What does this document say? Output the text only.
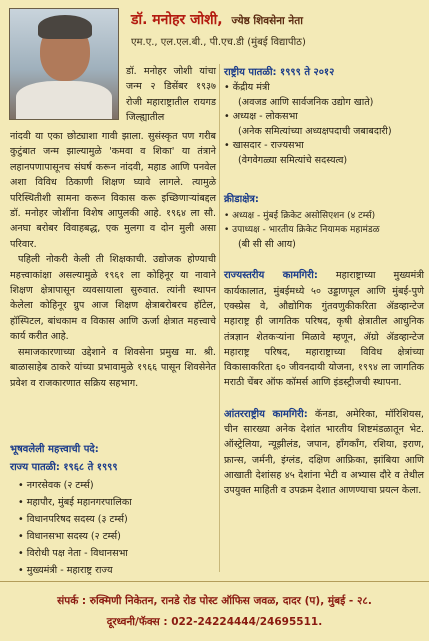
डॉ. मनोहर जोशी, ज्येष्ठ शिवसेना नेता
एम.ए., एल.एल.बी., पी.एच.डी (मुंबई विद्यापीठ)
डॉ. मनोहर जोशी यांचा जन्म २ डिसेंबर १९३७ रोजी महाराष्ट्रातील रायगड जिल्ह्यातील

नांदवी या एका छोट्याशा गावी झाला. सुसंस्कृत पण गरीब कुटुंबात जन्म झाल्यामुळे 'कमवा व शिका' या तंत्राने लहानपणापासूनच संघर्ष करून नांदवी, महाड आणि पनवेल अशा विविध ठिकाणी शिक्षण घ्यावे लागले. त्यामुळे परिस्थितीशी सामना करून विकास करू इच्छिणाऱ्यांबद्दल डॉ. मनोहर जोशींना विशेष आपुलकी आहे. १९६४ ला सौ. अनघा बरोबर विवाहबद्ध, एक मुलगा व दोन मुली असा परिवार.

पहिली नोकरी केली ती शिक्षकाची. उद्योजक होण्याची महत्त्वाकांक्षा असल्यामुळे १९६१ ला कोहिनूर या नावाने शिक्षण क्षेत्रापासून व्यवसायाला सुरुवात. त्यांनी स्थापन केलेला कोहिनूर ग्रुप आज शिक्षण क्षेत्राबरोबरच हॉटेल, हॉस्पिटल, बांधकाम व विकास आणि ऊर्जा क्षेत्रात महत्त्वाचे कार्य करीत आहे.

समाजकारणाच्या उद्देशाने व शिवसेना प्रमुख मा. श्री. बाळासाहेब ठाकरे यांच्या प्रभावामुळे १९६६ पासून शिवसेनेत प्रवेश व राजकारणात सक्रिय सहभाग.

भूषवलेली महत्त्वाची पदे:
राज्य पातळी: १९६८ ते १९९९
• नगरसेवक (२ टर्म्स)
• महापौर, मुंबई महानगरपालिका
• विधानपरिषद सदस्य (३ टर्म्स)
• विधानसभा सदस्य (२ टर्म्स)
• विरोधी पक्ष नेता - विधानसभा
• मुख्यमंत्री - महाराष्ट्र राज्य
राष्ट्रीय पातळी: १९९९ ते २०१२
• केंद्रीय मंत्री
(अवजड आणि सार्वजनिक उद्योग खाते)
• अध्यक्ष - लोकसभा
(अनेक समित्यांच्या अध्यक्षपदाची जबाबदारी)
• खासदार - राज्यसभा
(वेगवेगळ्या समित्यांचे सदस्यत्व)
क्रीडाक्षेत्र:
• अध्यक्ष - मुंबई क्रिकेट असोसिएशन (४ टर्म्स)
• उपाध्यक्ष - भारतीय क्रिकेट नियामक महामंडळ
(बी सी सी आय)
राज्यस्तरीय कामगिरी: महाराष्ट्राच्या मुख्यमंत्री कार्यकालात, मुंबईमध्ये ५० उड्डाणपूल आणि मुंबई-पुणे एक्स्प्रेस वे, औद्योगिक गुंतवणुकीकरिता ॲडव्हान्टेज महाराष्ट्र ही जागतिक परिषद, कृषी क्षेत्रातील आधुनिक तंत्रज्ञान शेतकऱ्यांना मिळावे म्हणून, ॲग्रो ॲडव्हान्टेज महाराष्ट्र परिषद, महाराष्ट्राच्या विविध क्षेत्रांच्या विकासाकरिता ६० जीवनदायी योजना, १९९४ ला जागतिक मराठी चेंबर ऑफ कॉमर्स आणि इंडस्ट्रीजची स्थापना.
आंतरराष्ट्रीय कामगिरी: कॅनडा, अमेरिका, मॉरिशियस, चीन सारख्या अनेक देशांत भारतीय शिष्टमंडळातून भेट. ऑस्ट्रेलिया, न्यूझीलंड, जपान, हाँगकाँग, रशिया, इराण, फ्रान्स, जर्मनी, इंग्लंड, दक्षिण आफ्रिका, झांबिया आणि आखाती देशांसह ४५ देशांना भेटी व अभ्यास दौरे व तेथील उपयुक्त माहिती व उपक्रम देशात आणण्याचा प्रयत्न केला.
संपर्क : रुक्मिणी निकेतन, रानडे रोड पोस्ट ऑफिस जवळ, दादर (प), मुंबई - २८.
दूरध्वनी/फॅक्स : 022-24224444/24695511.
